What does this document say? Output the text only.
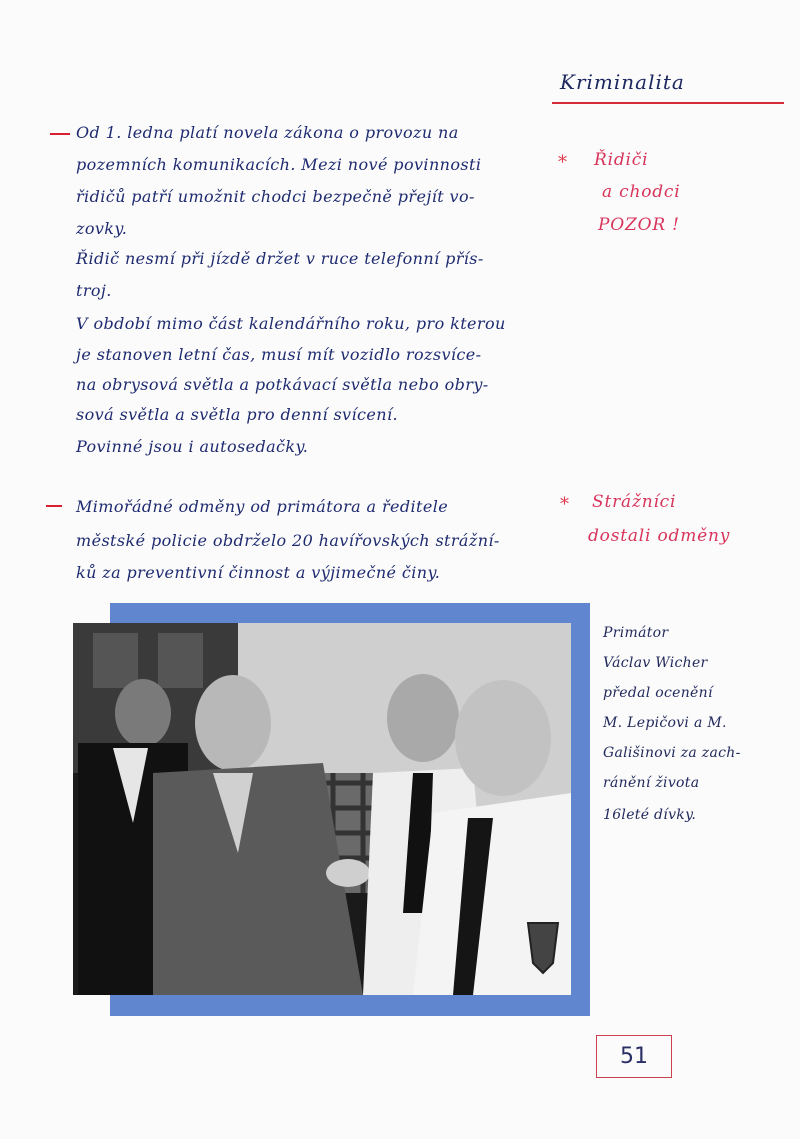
Kriminalita
Od 1. ledna platí novela zákona o provozu na
pozemních komunikacích. Mezi nové povinnosti
řidičů patří umožnit chodci bezpečně přejít vo-
zovky.
Řidič nesmí při jízdě držet v ruce telefonní přís-
troj.
V období mimo část kalendářního roku, pro kterou
je stanoven letní čas, musí mít vozidlo rozsvíce-
na obrysová světla a potkávací světla nebo obry-
sová světla a světla pro denní svícení.
Povinné jsou i autosedačky.
* Řidiči
a chodci
POZOR !
Mimořádné odměny od primátora a ředitele
městské policie obdrželo 20 havířovských strážní-
ků za preventivní činnost a výjimečné činy.
* Strážníci
dostali odměny
Primátor
Václav Wicher
předal ocenění
M. Lepičovi a M.
Gališinovi za zach-
ránění života
16leté dívky.
51
